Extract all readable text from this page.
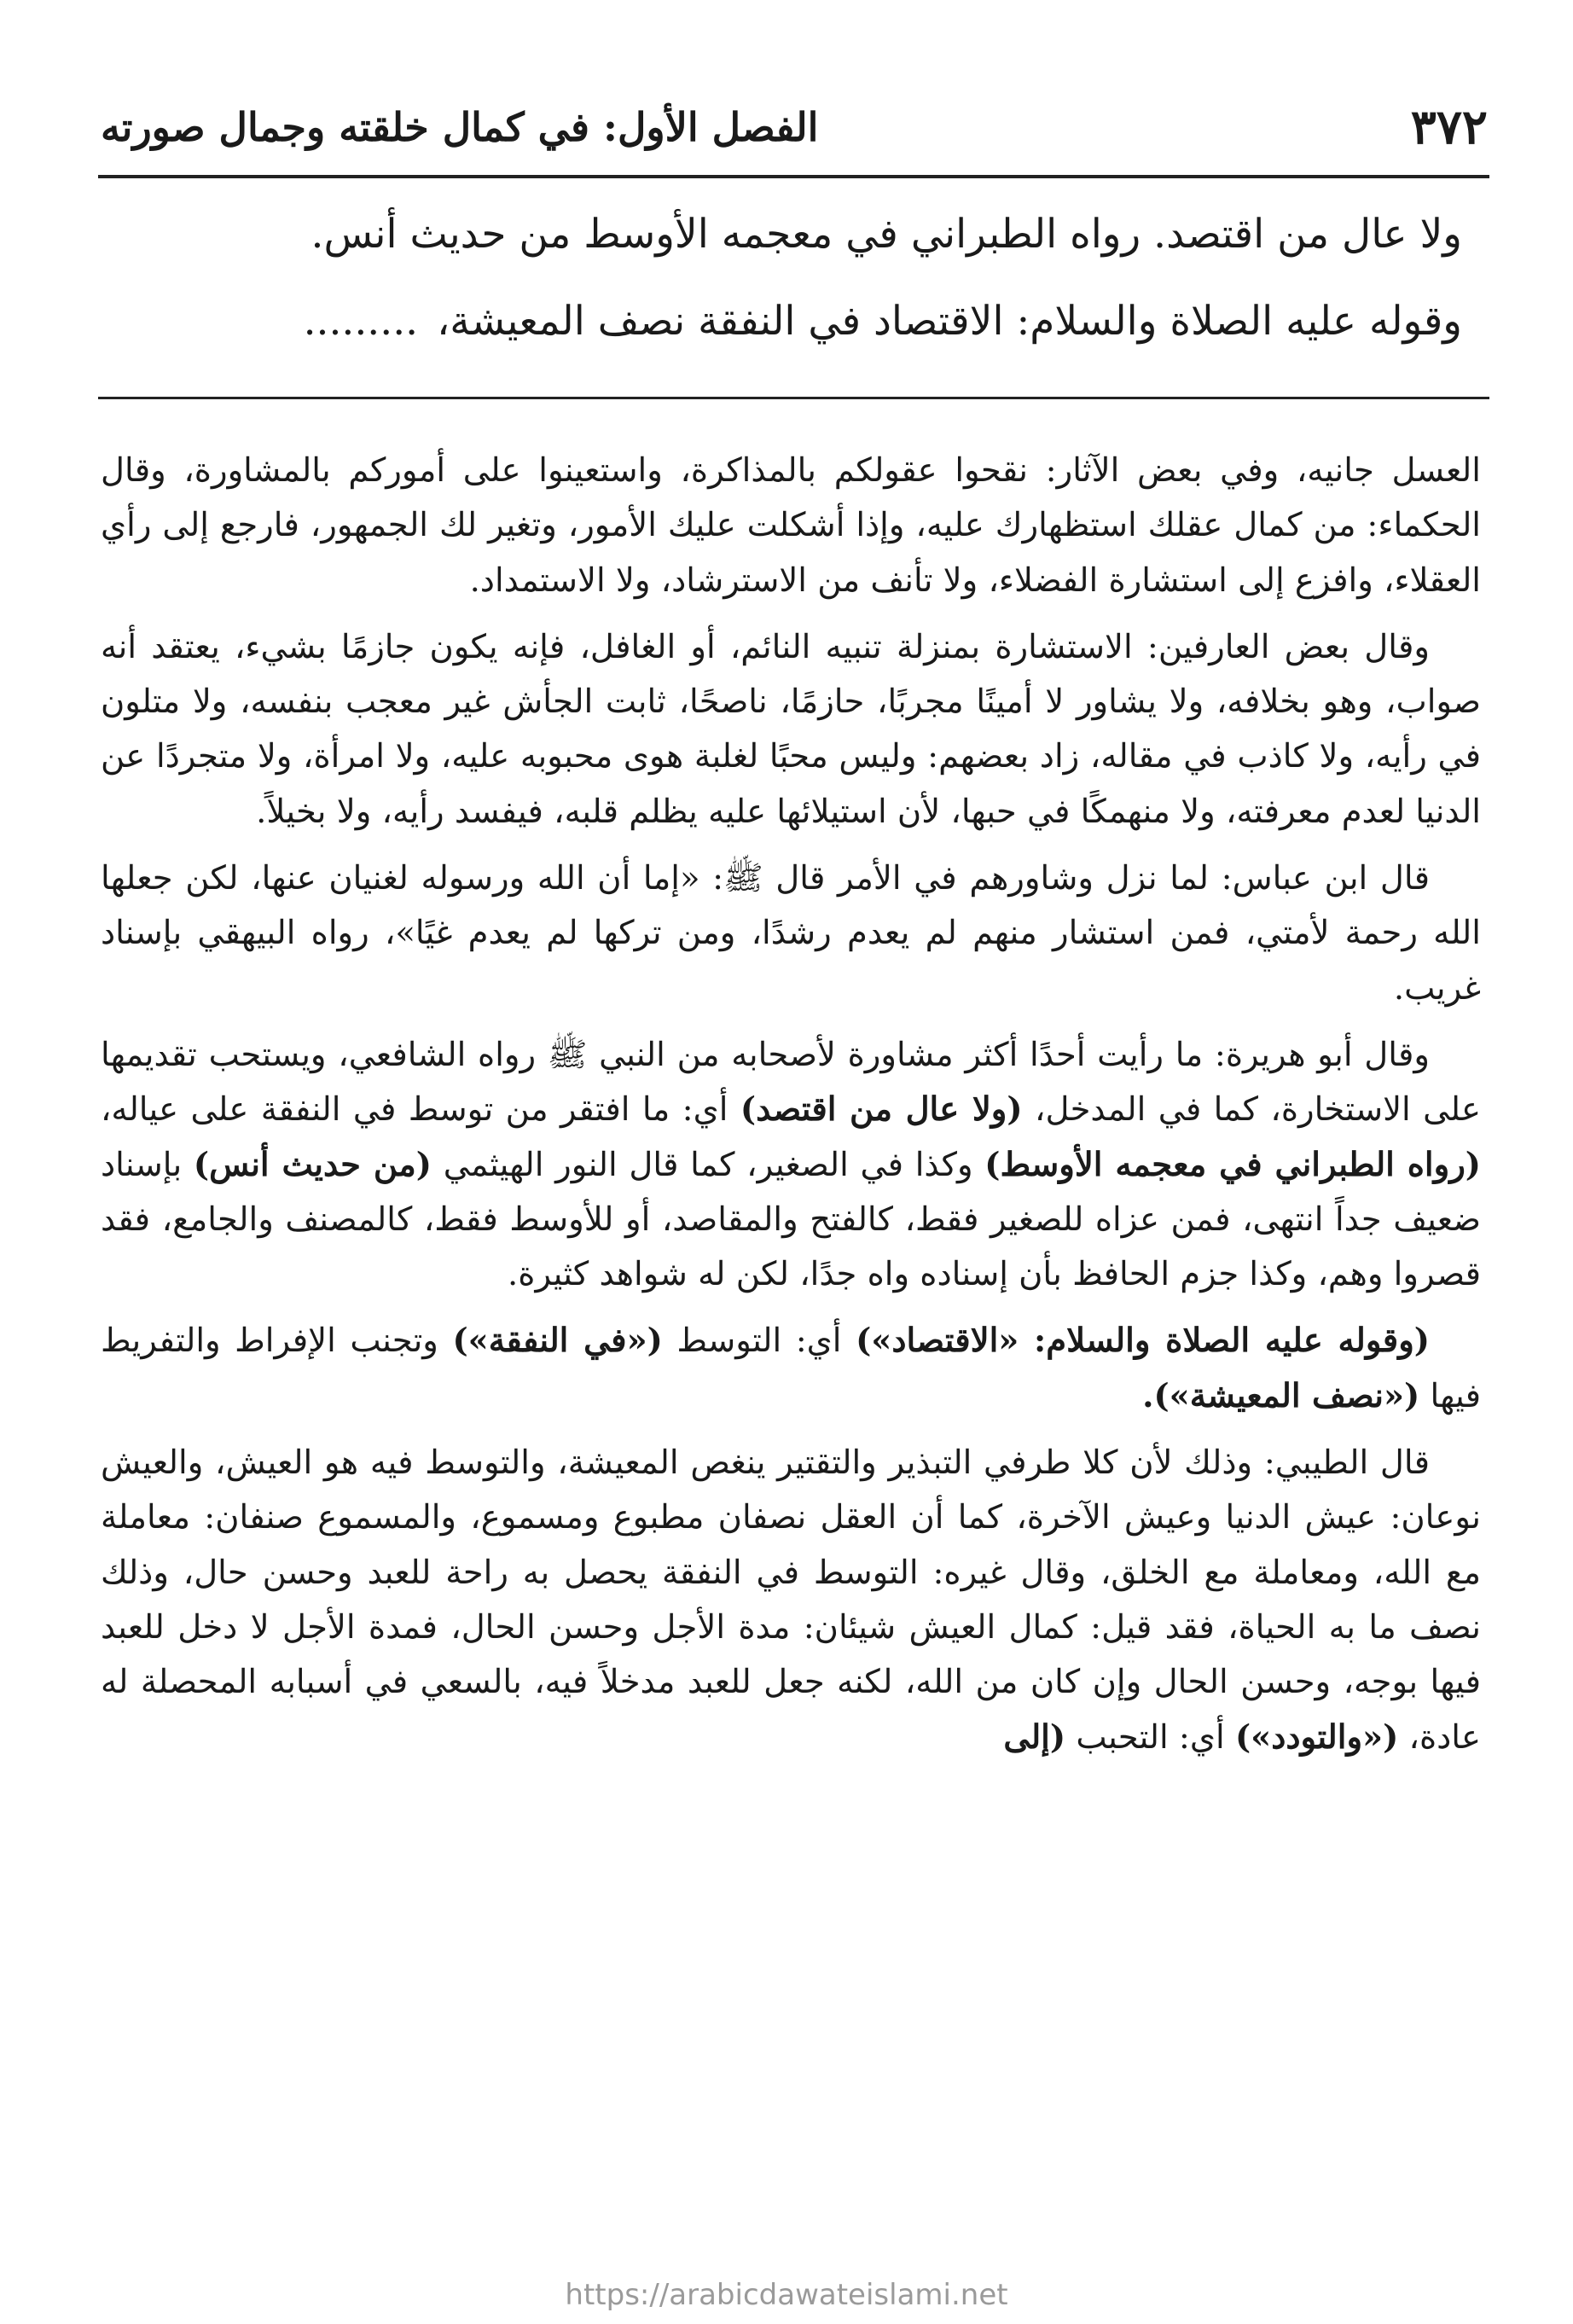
٣٧٢
الفصل الأول: في كمال خلقته وجمال صورته

ولا عال من اقتصد. رواه الطبراني في معجمه الأوسط من حديث أنس.

وقوله عليه الصلاة والسلام: الاقتصاد في النفقة نصف المعيشة،.........

العسل جانيه، وفي بعض الآثار: نقحوا عقولكم بالمذاكرة، واستعينوا على أموركم بالمشاورة، وقال الحكماء: من كمال عقلك استظهارك عليه، وإذا أشكلت عليك الأمور، وتغير لك الجمهور، فارجع إلى رأي العقلاء، وافزع إلى استشارة الفضلاء، ولا تأنف من الاسترشاد، ولا الاستمداد.

وقال بعض العارفين: الاستشارة بمنزلة تنبيه النائم، أو الغافل، فإنه يكون جازمًا بشيء، يعتقد أنه صواب، وهو بخلافه، ولا يشاور لا أمينًا مجربًا، حازمًا، ناصحًا، ثابت الجأش غير معجب بنفسه، ولا متلون في رأيه، ولا كاذب في مقاله، زاد بعضهم: وليس محبًا لغلبة هوى محبوبه عليه، ولا امرأة، ولا متجردًا عن الدنيا لعدم معرفته، ولا منهمكًا في حبها، لأن استيلائها عليه يظلم قلبه، فيفسد رأيه، ولا بخيلاً.

قال ابن عباس: لما نزل وشاورهم في الأمر قال ﷺ: «إما أن الله ورسوله لغنيان عنها، لكن جعلها الله رحمة لأمتي، فمن استشار منهم لم يعدم رشدًا، ومن تركها لم يعدم غيًا»، رواه البيهقي بإسناد غريب.

وقال أبو هريرة: ما رأيت أحدًا أكثر مشاورة لأصحابه من النبي ﷺ رواه الشافعي، ويستحب تقديمها على الاستخارة، كما في المدخل، (ولا عال من اقتصد) أي: ما افتقر من توسط في النفقة على عياله، (رواه الطبراني في معجمه الأوسط) وكذا في الصغير، كما قال النور الهيثمي (من حديث أنس) بإسناد ضعيف جداً انتهى، فمن عزاه للصغير فقط، كالفتح والمقاصد، أو للأوسط فقط، كالمصنف والجامع، فقد قصروا وهم، وكذا جزم الحافظ بأن إسناده واه جدًا، لكن له شواهد كثيرة.

(وقوله عليه الصلاة والسلام: «الاقتصاد») أي: التوسط («في النفقة») وتجنب الإفراط والتفريط فيها («نصف المعيشة»).

قال الطيبي: وذلك لأن كلا طرفي التبذير والتقتير ينغص المعيشة، والتوسط فيه هو العيش، والعيش نوعان: عيش الدنيا وعيش الآخرة، كما أن العقل نصفان مطبوع ومسموع، والمسموع صنفان: معاملة مع الله، ومعاملة مع الخلق، وقال غيره: التوسط في النفقة يحصل به راحة للعبد وحسن حال، وذلك نصف ما به الحياة، فقد قيل: كمال العيش شيئان: مدة الأجل وحسن الحال، فمدة الأجل لا دخل للعبد فيها بوجه، وحسن الحال وإن كان من الله، لكنه جعل للعبد مدخلاً فيه، بالسعي في أسبابه المحصلة له عادة، («والتودد») أي: التحبب (إلى

https://arabicdawateislami.net
